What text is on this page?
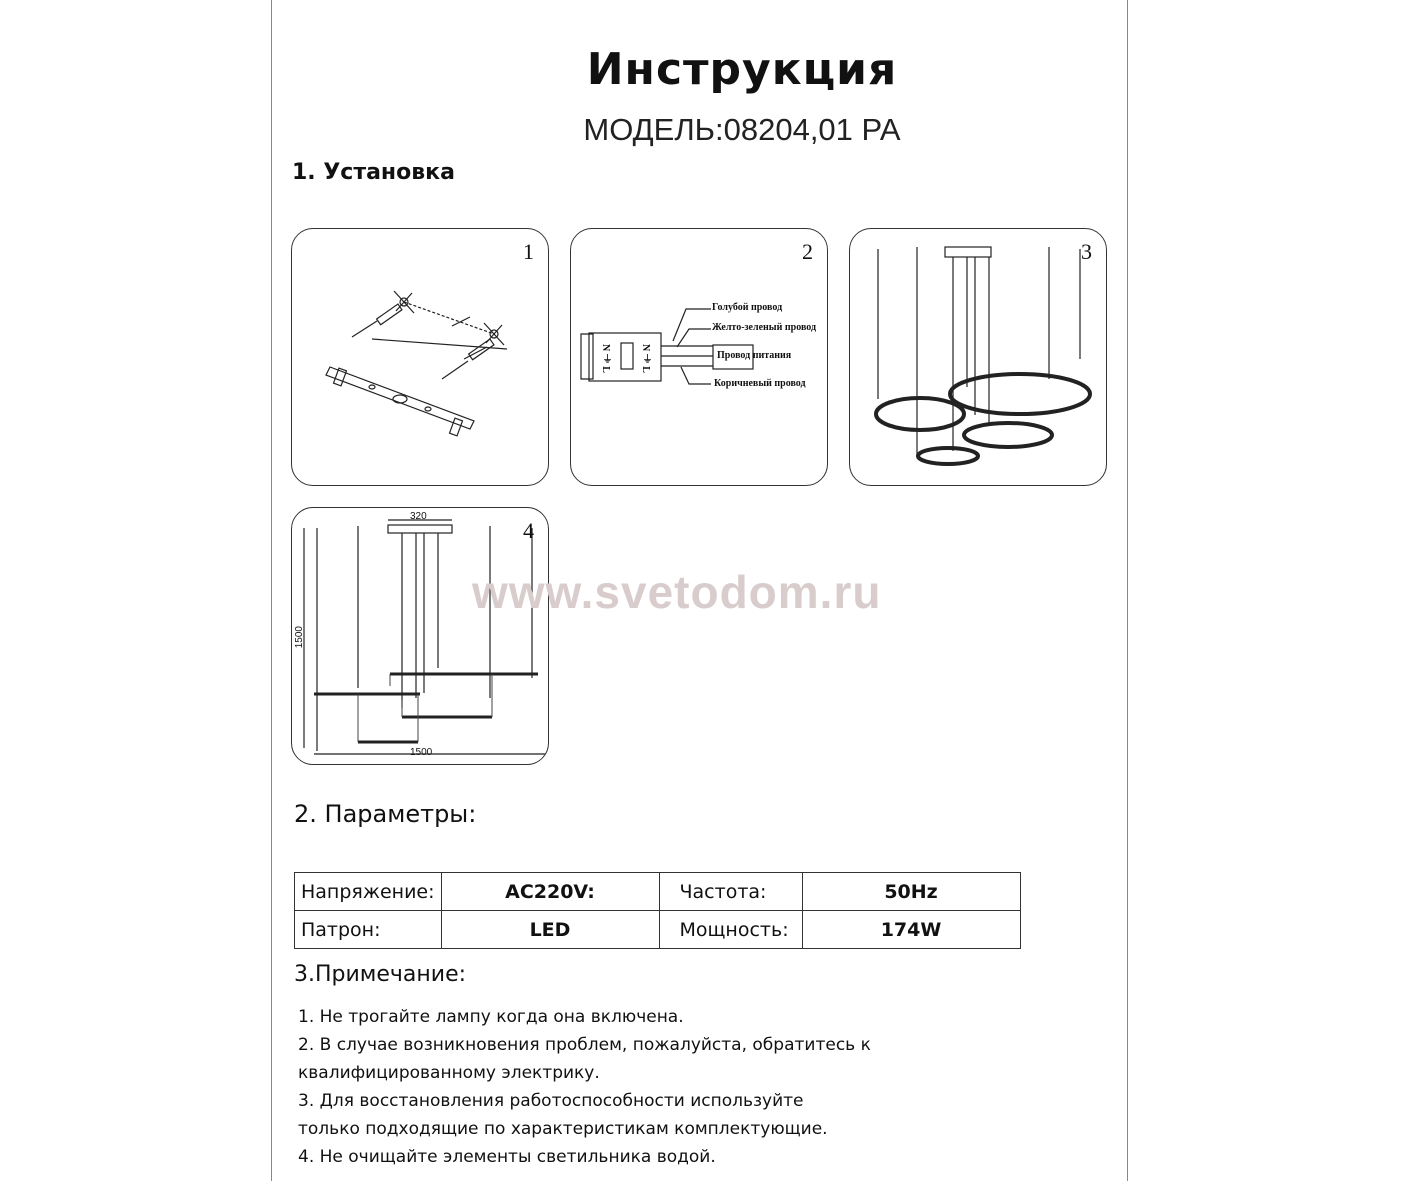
Инструкция
МОДЕЛЬ:08204,01 PA
1. Установка
1	2
N ⏚ L	N ⏚ L
Голубой провод
Желто-зеленый провод
Провод питания
Коричневый провод
3
4
320
1500
1500
www.svetodom.ru
2. Параметры:
Напряжение:	AC220V:	Частота:	50Hz
Патрон:	LED	Мощность:	174W
3.Примечание:
1. Не трогайте лампу когда она включена.
2. В случае возникновения проблем, пожалуйста, обратитесь к
квалифицированному электрику.
3. Для восстановления работоспособности используйте
только подходящие по характеристикам комплектующие.
4. Не очищайте элементы светильника водой.
